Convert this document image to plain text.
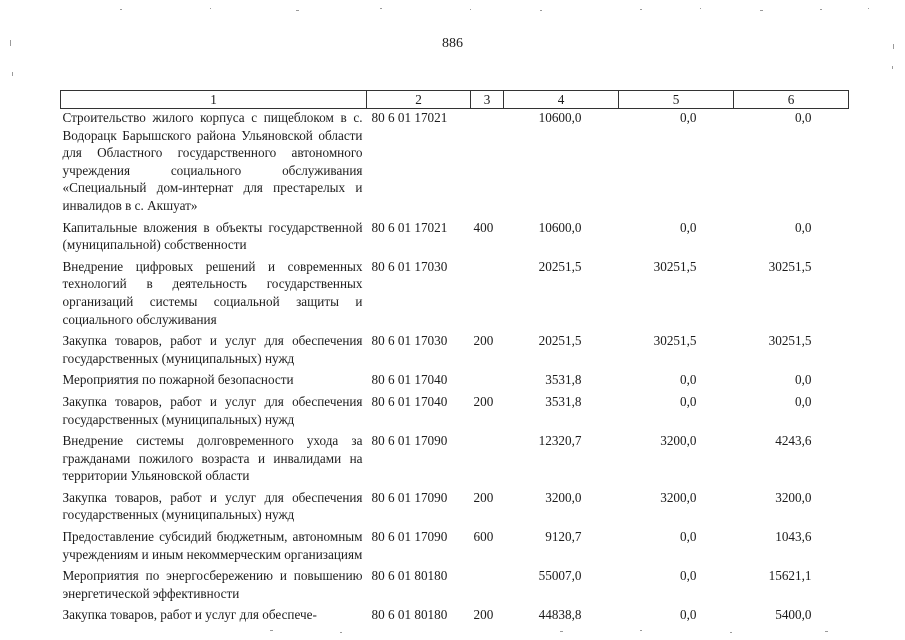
886
1	2	3	4	5	6
Строительство жилого корпуса с пищеблоком в с. Водорацк Барышского района Ульяновской области для Областного государственного автономного учреждения социального обслуживания «Специальный дом-интернат для престарелых и инвалидов в с. Акшуат»	80 6 01 17021		10600,0	0,0	0,0
Капитальные вложения в объекты государственной (муниципальной) собственности	80 6 01 17021	400	10600,0	0,0	0,0
Внедрение цифровых решений и современных технологий в деятельность государственных организаций системы социальной защиты и социального обслуживания	80 6 01 17030		20251,5	30251,5	30251,5
Закупка товаров, работ и услуг для обеспечения государственных (муниципальных) нужд	80 6 01 17030	200	20251,5	30251,5	30251,5
Мероприятия по пожарной безопасности	80 6 01 17040		3531,8	0,0	0,0
Закупка товаров, работ и услуг для обеспечения государственных (муниципальных) нужд	80 6 01 17040	200	3531,8	0,0	0,0
Внедрение системы долговременного ухода за гражданами пожилого возраста и инвалидами на территории Ульяновской области	80 6 01 17090		12320,7	3200,0	4243,6
Закупка товаров, работ и услуг для обеспечения государственных (муниципальных) нужд	80 6 01 17090	200	3200,0	3200,0	3200,0
Предоставление субсидий бюджетным, автономным учреждениям и иным некоммерческим организациям	80 6 01 17090	600	9120,7	0,0	1043,6
Мероприятия по энергосбережению и повышению энергетической эффективности	80 6 01 80180		55007,0	0,0	15621,1
Закупка товаров, работ и услуг для обеспече-	80 6 01 80180	200	44838,8	0,0	5400,0
